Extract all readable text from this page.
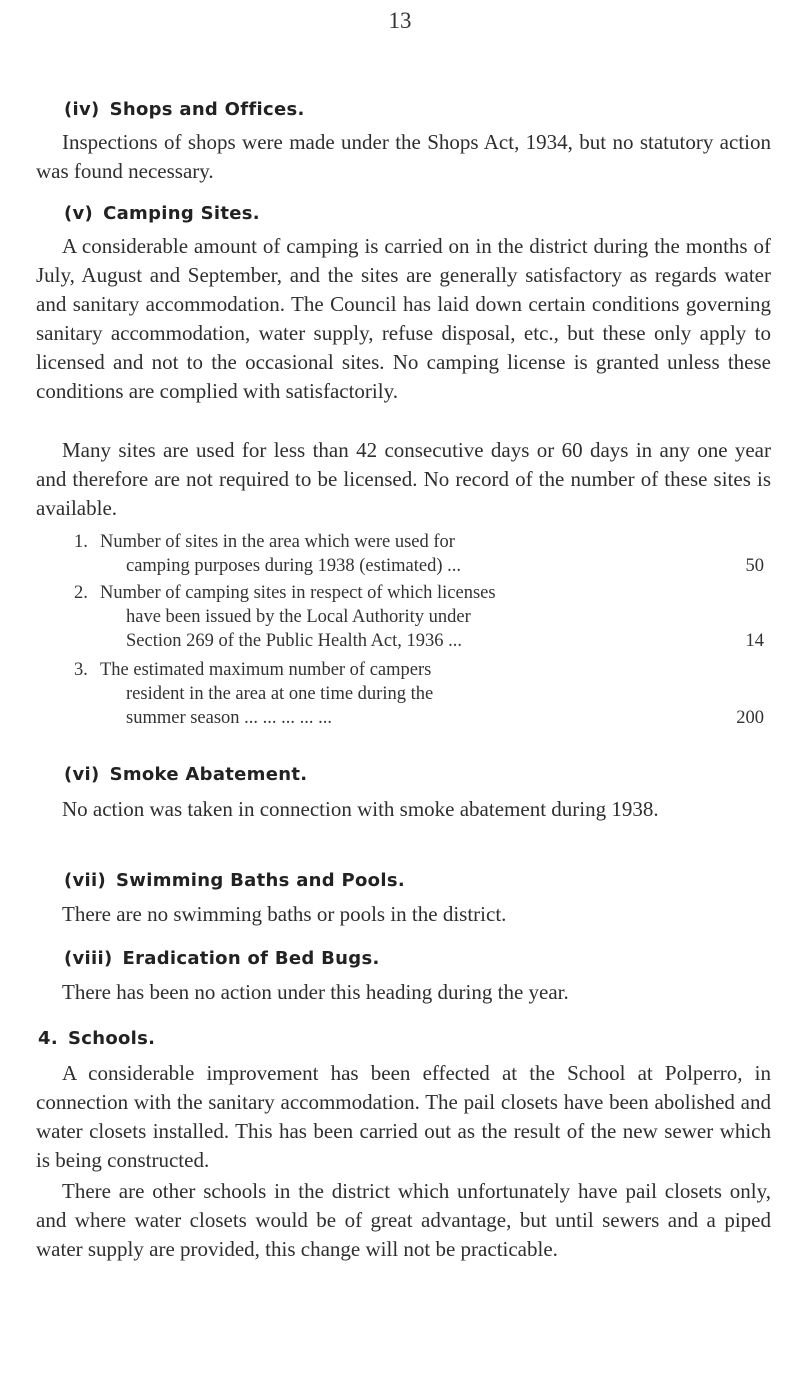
13
(iv) Shops and Offices.
Inspections of shops were made under the Shops Act, 1934, but no statutory action was found necessary.
(v) Camping Sites.
A considerable amount of camping is carried on in the district during the months of July, August and September, and the sites are generally satisfactory as regards water and sanitary accommodation. The Council has laid down certain conditions governing sanitary accommodation, water supply, refuse disposal, etc., but these only apply to licensed and not to the occasional sites. No camping license is granted unless these conditions are complied with satisfactorily.
Many sites are used for less than 42 consecutive days or 60 days in any one year and therefore are not required to be licensed. No record of the number of these sites is available.
1. Number of sites in the area which were used for
camping purposes during 1938 (estimated) ...	50
2. Number of camping sites in respect of which licenses
have been issued by the Local Authority under
Section 269 of the Public Health Act, 1936 ...	14
3. The estimated maximum number of campers
resident in the area at one time during the
summer season ... ... ... ... ...	200
(vi) Smoke Abatement.
No action was taken in connection with smoke abatement during 1938.
(vii) Swimming Baths and Pools.
There are no swimming baths or pools in the district.
(viii) Eradication of Bed Bugs.
There has been no action under this heading during the year.
4. Schools.
A considerable improvement has been effected at the School at Polperro, in connection with the sanitary accommodation. The pail closets have been abolished and water closets installed. This has been carried out as the result of the new sewer which is being constructed.
There are other schools in the district which unfortunately have pail closets only, and where water closets would be of great advantage, but until sewers and a piped water supply are provided, this change will not be practicable.
